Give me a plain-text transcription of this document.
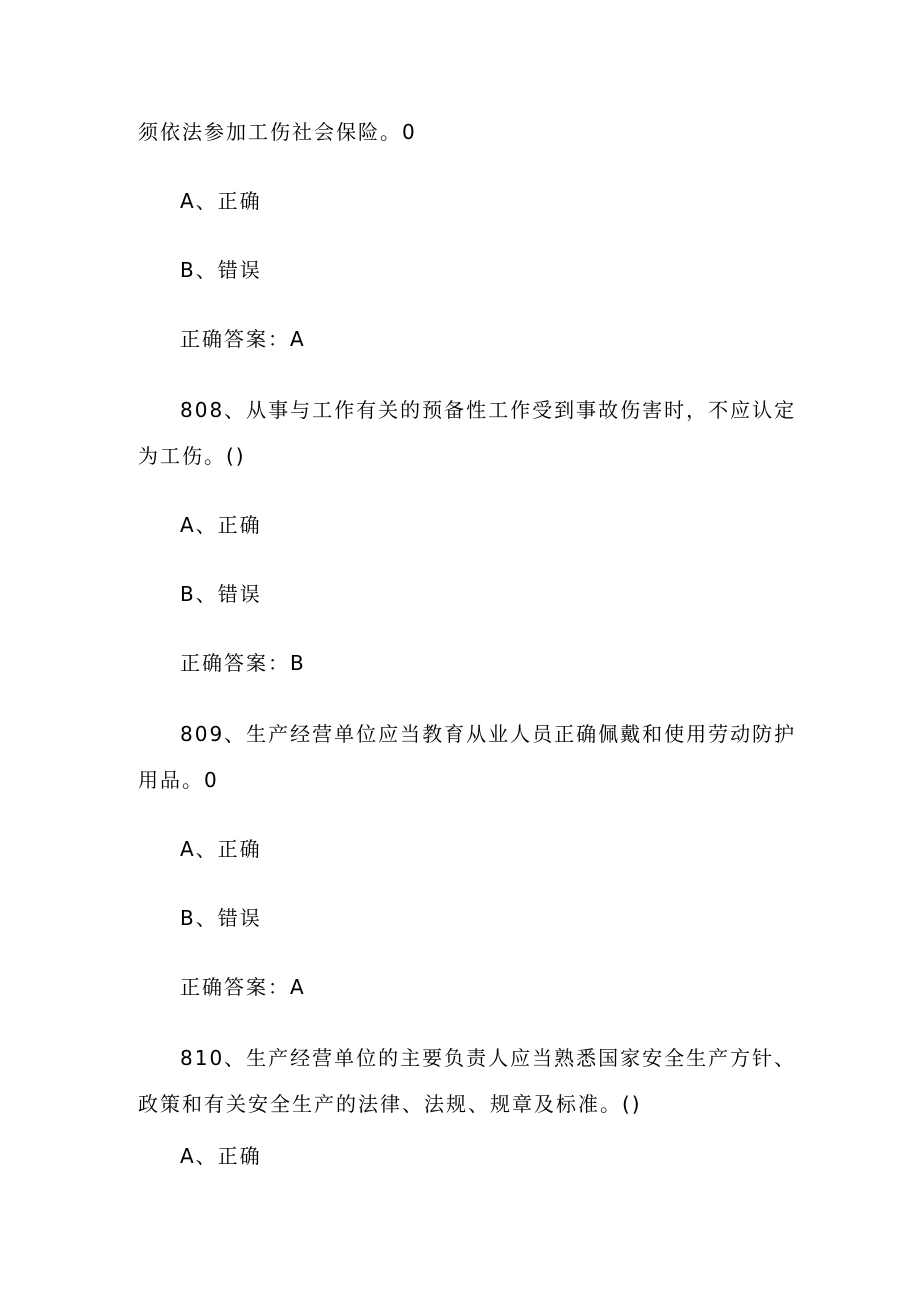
须依法参加工伤社会保险。0
A、正确
B、错误
正确答案：A
808、从事与工作有关的预备性工作受到事故伤害时，不应认定
为工伤。()
A、正确
B、错误
正确答案：B
809、生产经营单位应当教育从业人员正确佩戴和使用劳动防护
用品。0
A、正确
B、错误
正确答案：A
810、生产经营单位的主要负责人应当熟悉国家安全生产方针、
政策和有关安全生产的法律、法规、规章及标准。()
A、正确
